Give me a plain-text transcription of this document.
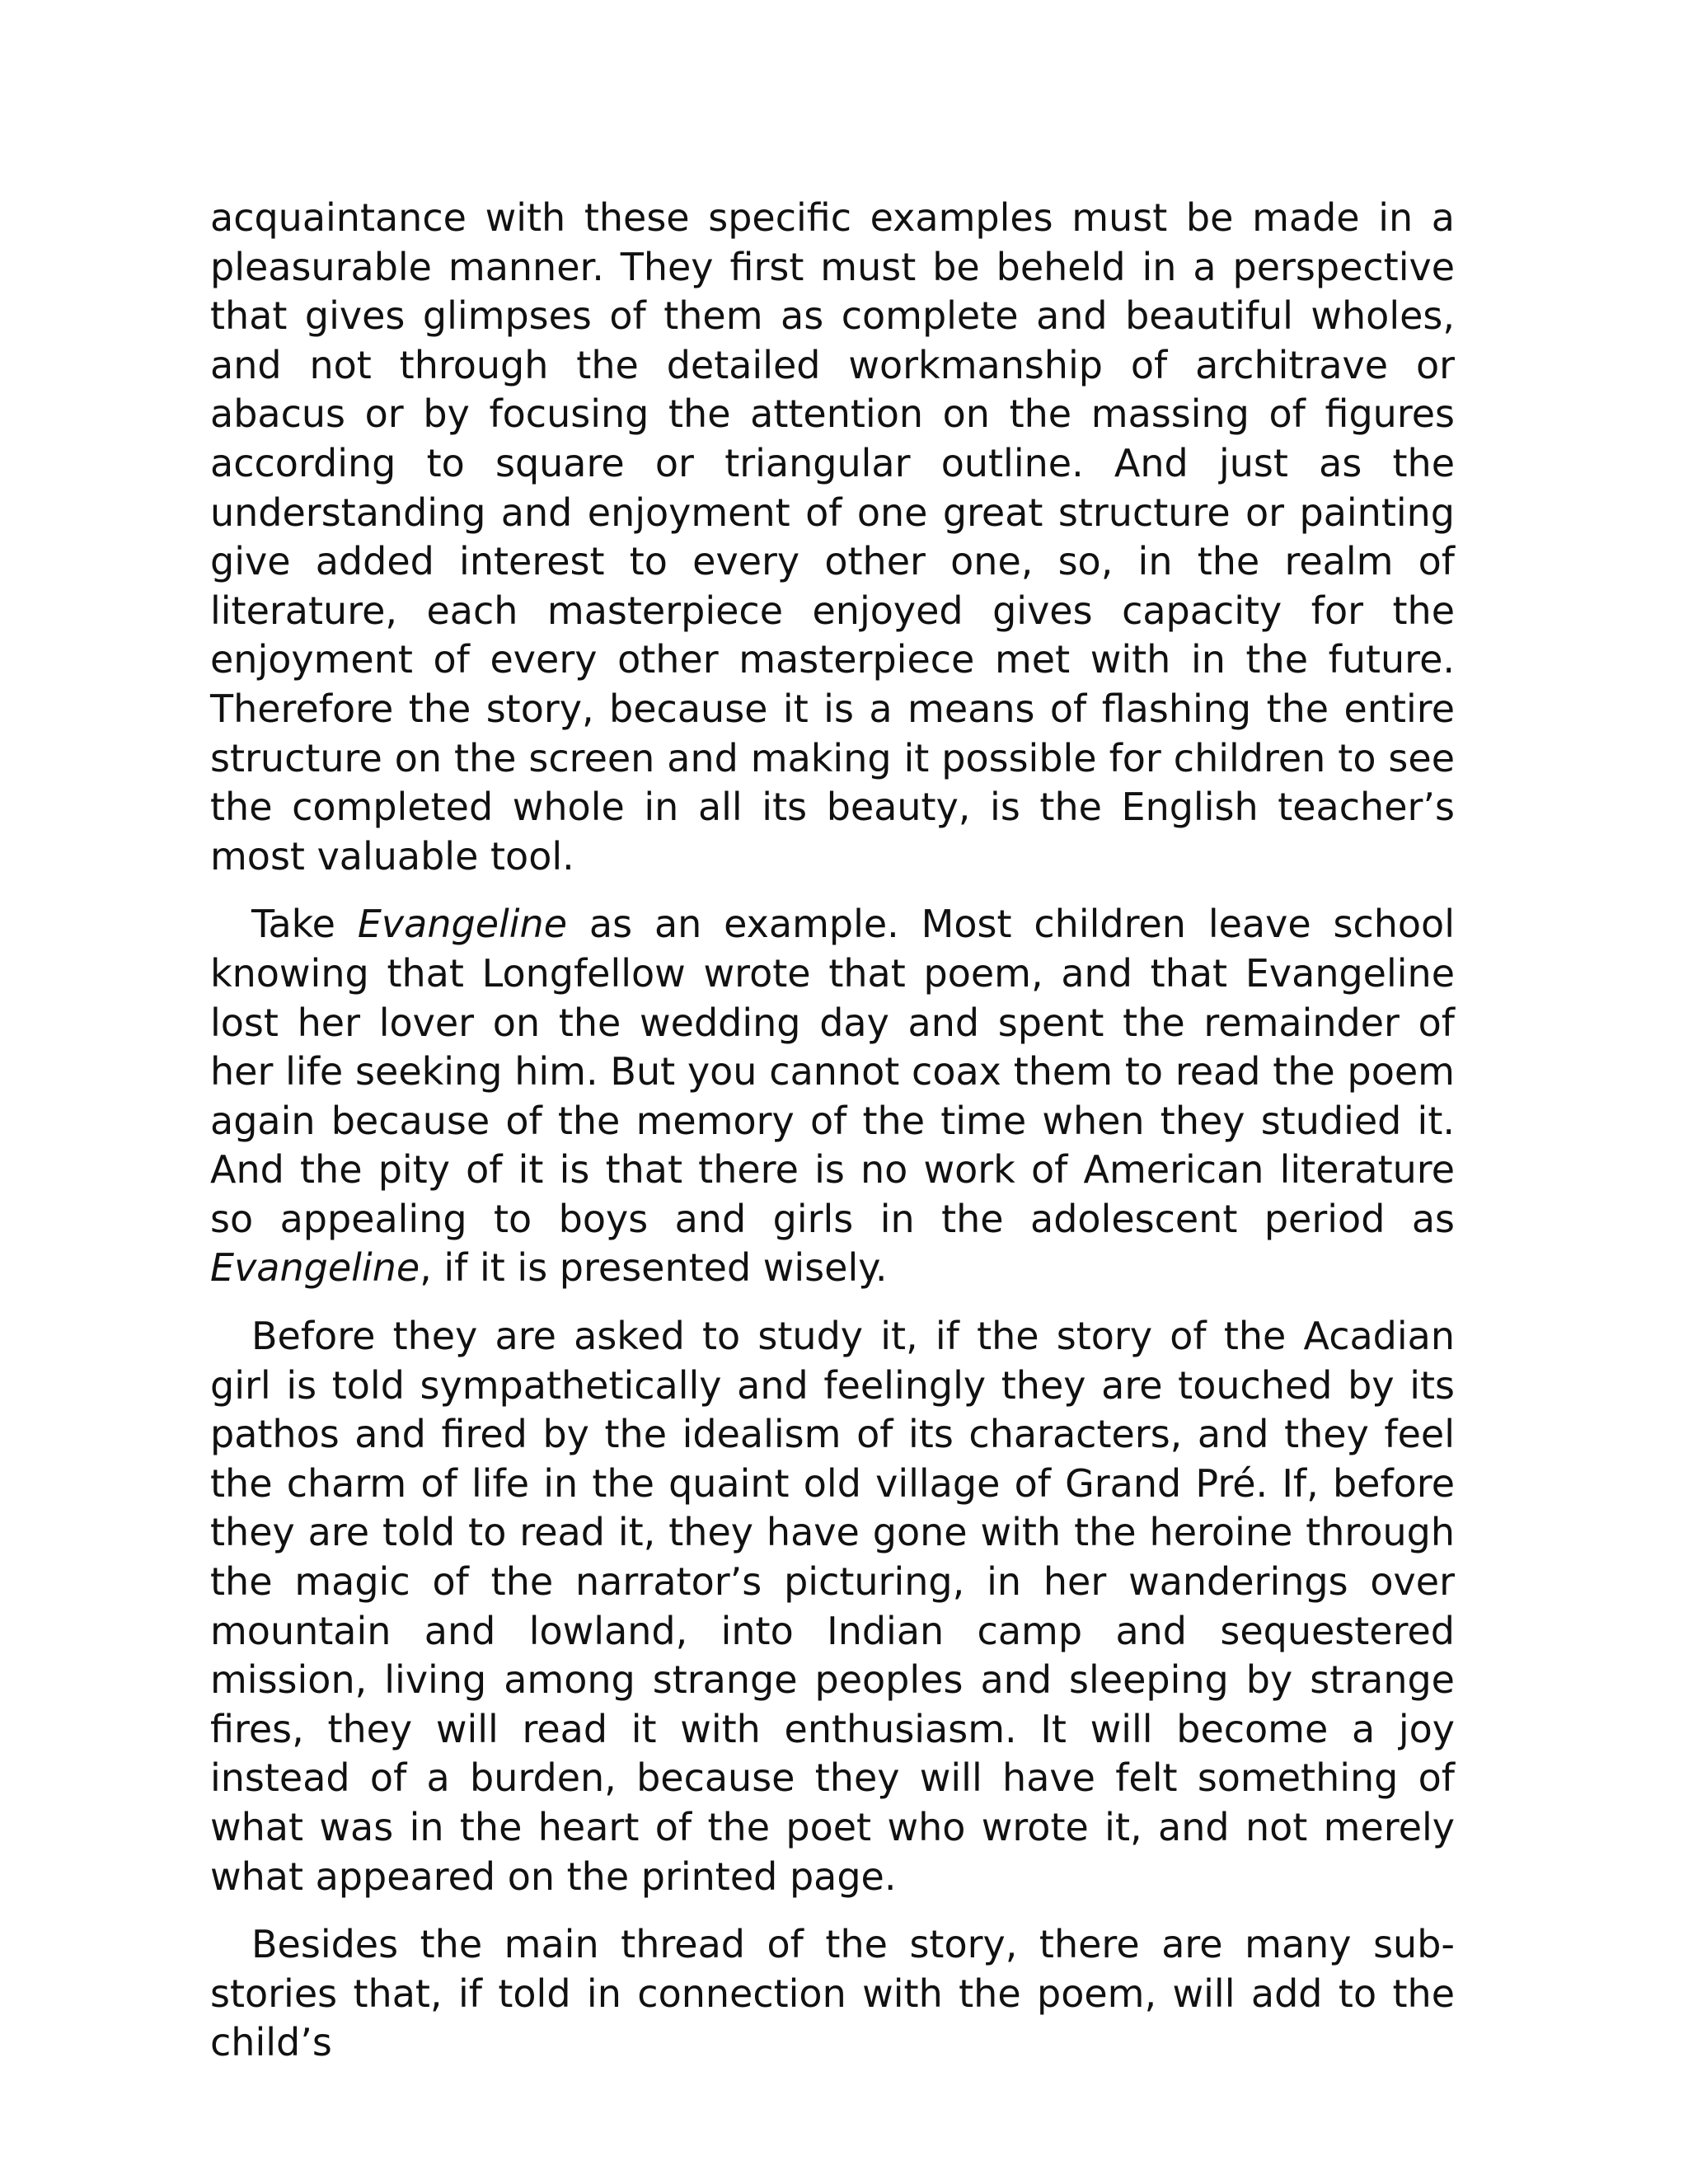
acquaintance with these specific examples must be made in a pleasurable manner. They first must be beheld in a perspective that gives glimpses of them as complete and beautiful wholes, and not through the detailed workmanship of architrave or abacus or by focusing the attention on the massing of figures according to square or triangular outline. And just as the understanding and enjoyment of one great structure or painting give added interest to every other one, so, in the realm of literature, each masterpiece enjoyed gives capacity for the enjoyment of every other masterpiece met with in the future. Therefore the story, because it is a means of flashing the entire structure on the screen and making it possible for children to see the completed whole in all its beauty, is the English teacher’s most valuable tool.

Take Evangeline as an example. Most children leave school knowing that Longfellow wrote that poem, and that Evangeline lost her lover on the wedding day and spent the remainder of her life seeking him. But you cannot coax them to read the poem again because of the memory of the time when they studied it. And the pity of it is that there is no work of American literature so appealing to boys and girls in the adolescent period as Evangeline, if it is presented wisely.

Before they are asked to study it, if the story of the Acadian girl is told sympathetically and feelingly they are touched by its pathos and fired by the idealism of its characters, and they feel the charm of life in the quaint old village of Grand Pré. If, before they are told to read it, they have gone with the heroine through the magic of the narrator’s picturing, in her wanderings over mountain and lowland, into Indian camp and sequestered mission, living among strange peoples and sleeping by strange fires, they will read it with enthusiasm. It will become a joy instead of a burden, because they will have felt something of what was in the heart of the poet who wrote it, and not merely what appeared on the printed page.

Besides the main thread of the story, there are many sub-stories that, if told in connection with the poem, will add to the child’s
